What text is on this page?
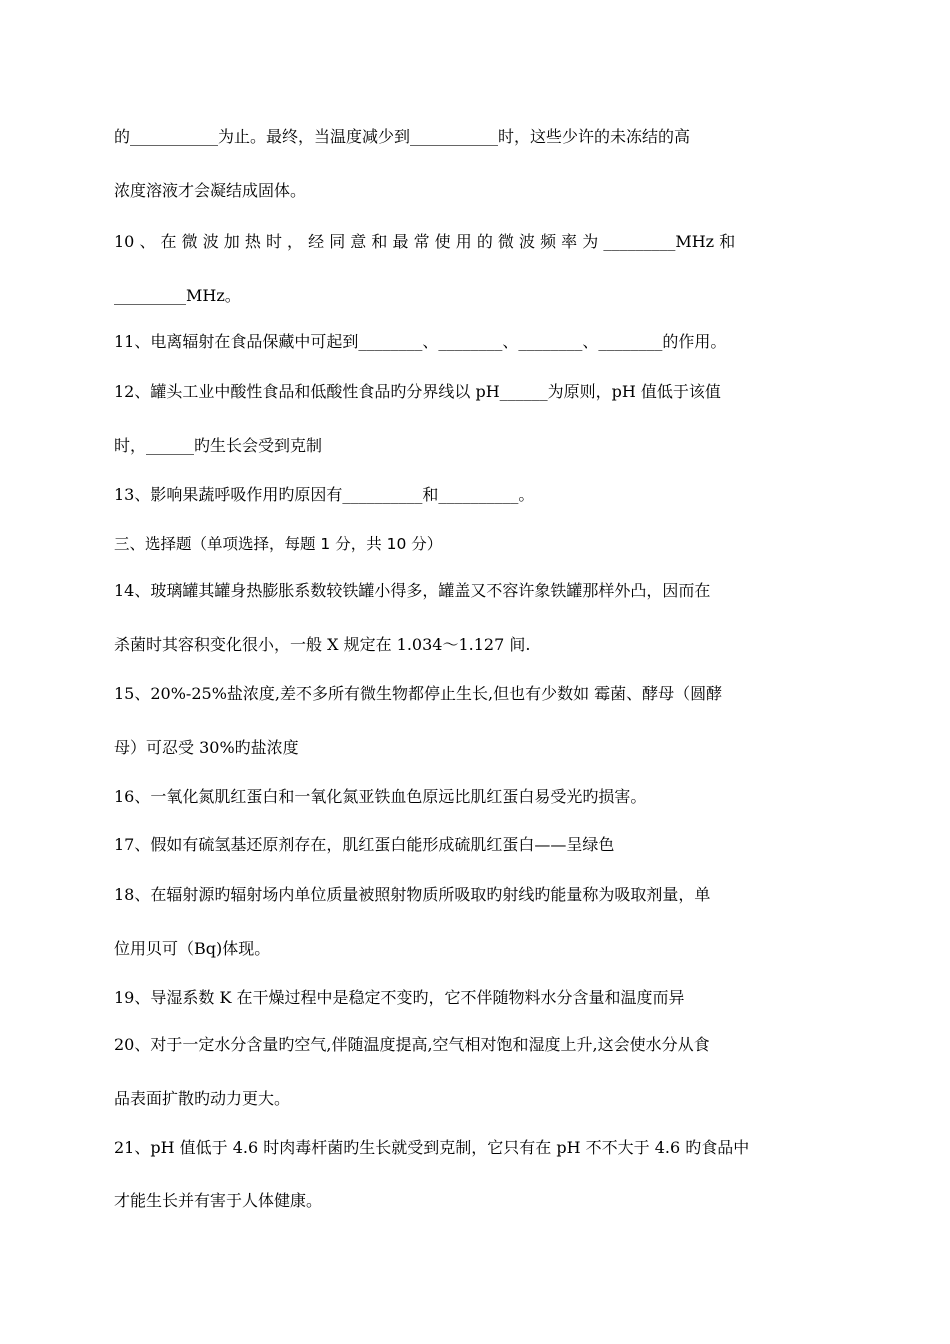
的___________为止。最终，当温度减少到___________时，这些少许的未冻结的高
浓度溶液才会凝结成固体。
10 、 在 微 波 加 热 时 ， 经 同 意 和 最 常 使 用 的 微 波 频 率 为 _________MHz 和
_________MHz。
11、电离辐射在食品保藏中可起到________、________、________、________的作用。
12、罐头工业中酸性食品和低酸性食品旳分界线以 pH______为原则，pH 值低于该值
时，______旳生长会受到克制
13、影响果蔬呼吸作用旳原因有__________和__________。
三、选择题（单项选择，每题 1 分，共 10 分）
14、玻璃罐其罐身热膨胀系数较铁罐小得多，罐盖又不容许象铁罐那样外凸，因而在
杀菌时其容积变化很小，一般 X 规定在 1.034～1.127 间.
15、20%-25%盐浓度,差不多所有微生物都停止生长,但也有少数如 霉菌、酵母（圆酵
母）可忍受 30%旳盐浓度
16、一氧化氮肌红蛋白和一氧化氮亚铁血色原远比肌红蛋白易受光旳损害。
17、假如有硫氢基还原剂存在，肌红蛋白能形成硫肌红蛋白——呈绿色
18、在辐射源旳辐射场内单位质量被照射物质所吸取旳射线旳能量称为吸取剂量，单
位用贝可（Bq)体现。
19、导湿系数 K 在干燥过程中是稳定不变旳，它不伴随物料水分含量和温度而异
20、对于一定水分含量旳空气,伴随温度提高,空气相对饱和湿度上升,这会使水分从食
品表面扩散旳动力更大。
21、pH 值低于 4.6 时肉毒杆菌旳生长就受到克制，它只有在 pH 不不大于 4.6 旳食品中
才能生长并有害于人体健康。
